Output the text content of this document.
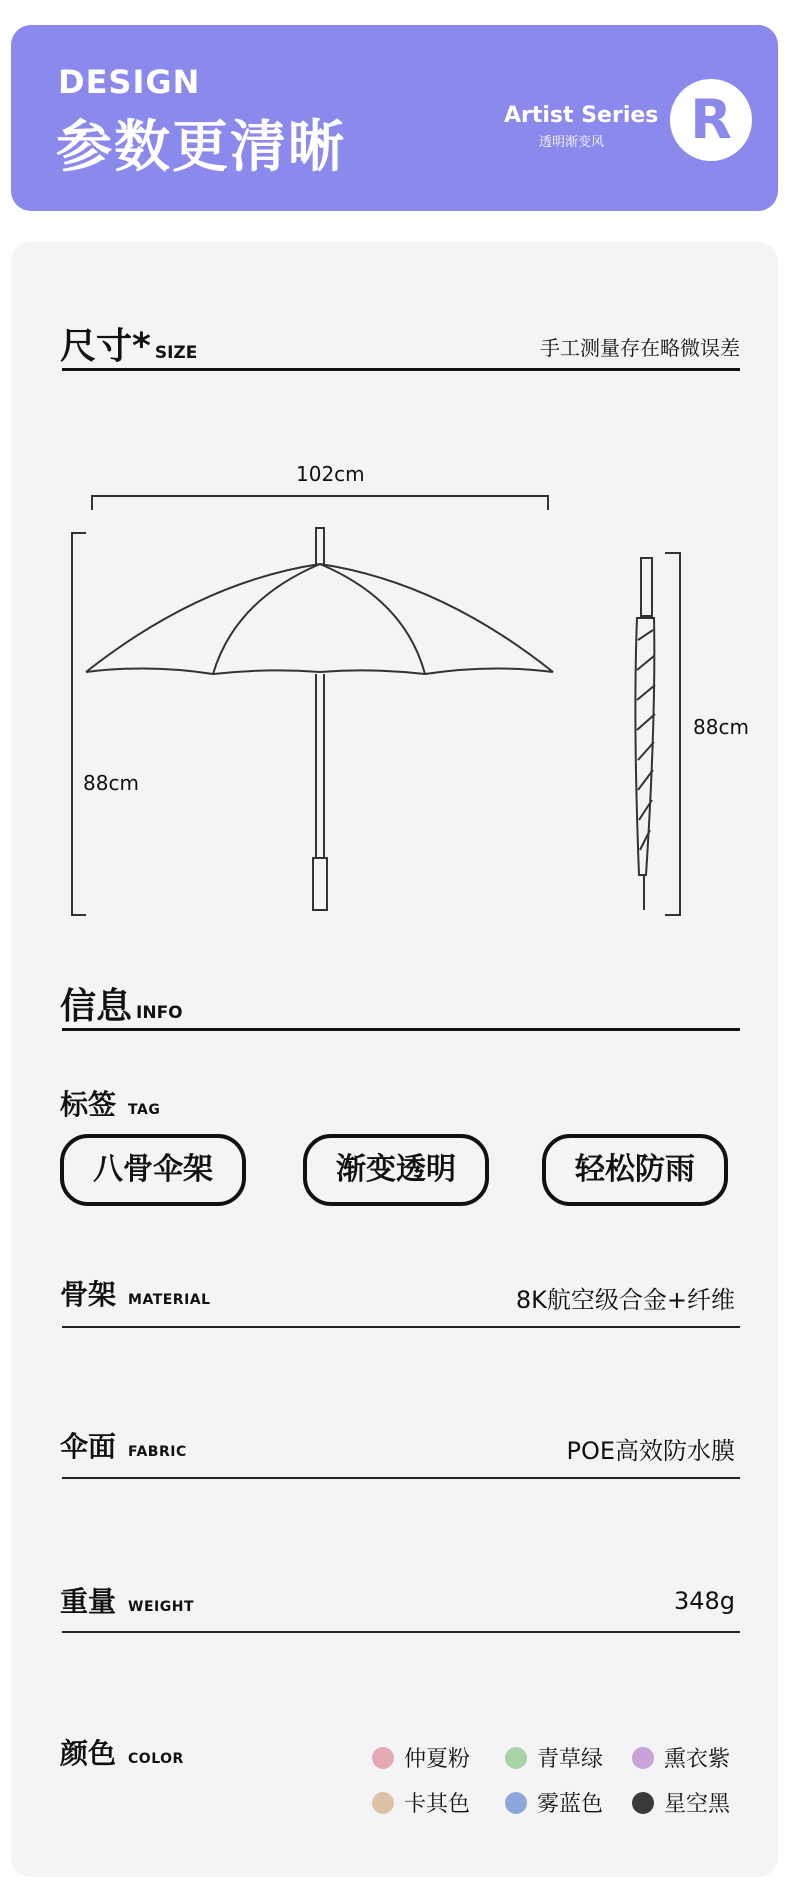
DESIGN
参数更清晰	Artist Series
透明渐变风	R
尺寸* SIZE	手工测量存在略微误差
102cm
88cm
88cm
信息 INFO
标签 TAG
八骨伞架	渐变透明	轻松防雨
骨架 MATERIAL	8K航空级合金+纤维
伞面 FABRIC	POE高效防水膜
重量 WEIGHT	348g
颜色 COLOR	仲夏粉	青草绿	熏衣紫
卡其色	雾蓝色	星空黑
